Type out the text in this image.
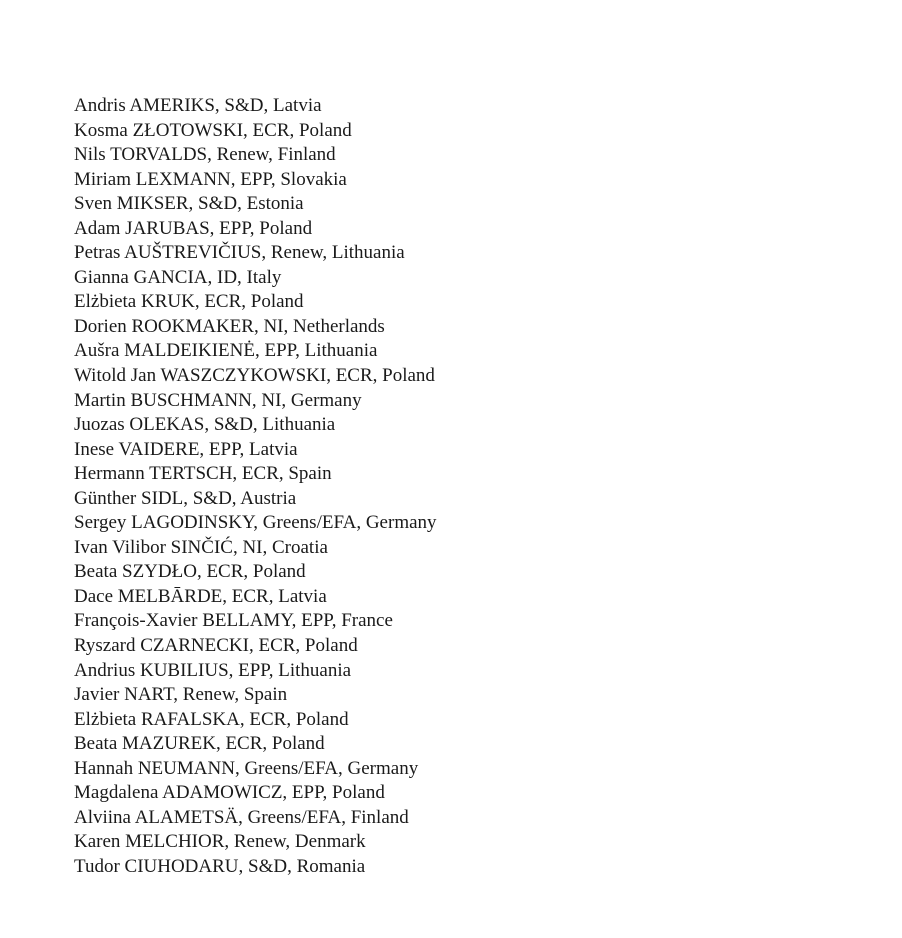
Andris AMERIKS, S&D, Latvia
Kosma ZŁOTOWSKI, ECR, Poland
Nils TORVALDS, Renew, Finland
Miriam LEXMANN, EPP, Slovakia
Sven MIKSER, S&D, Estonia
Adam JARUBAS, EPP, Poland
Petras AUŠTREVIČIUS, Renew, Lithuania
Gianna GANCIA, ID, Italy
Elżbieta KRUK, ECR, Poland
Dorien ROOKMAKER, NI, Netherlands
Aušra MALDEIKIENĖ, EPP, Lithuania
Witold Jan WASZCZYKOWSKI, ECR, Poland
Martin BUSCHMANN, NI, Germany
Juozas OLEKAS, S&D, Lithuania
Inese VAIDERE, EPP, Latvia
Hermann TERTSCH, ECR, Spain
Günther SIDL, S&D, Austria
Sergey LAGODINSKY, Greens/EFA, Germany
Ivan Vilibor SINČIĆ, NI, Croatia
Beata SZYDŁO, ECR, Poland
Dace MELBĀRDE, ECR, Latvia
François-Xavier BELLAMY, EPP, France
Ryszard CZARNECKI, ECR, Poland
Andrius KUBILIUS, EPP, Lithuania
Javier NART, Renew, Spain
Elżbieta RAFALSKA, ECR, Poland
Beata MAZUREK, ECR, Poland
Hannah NEUMANN, Greens/EFA, Germany
Magdalena ADAMOWICZ, EPP, Poland
Alviina ALAMETSÄ, Greens/EFA, Finland
Karen MELCHIOR, Renew, Denmark
Tudor CIUHODARU, S&D, Romania
